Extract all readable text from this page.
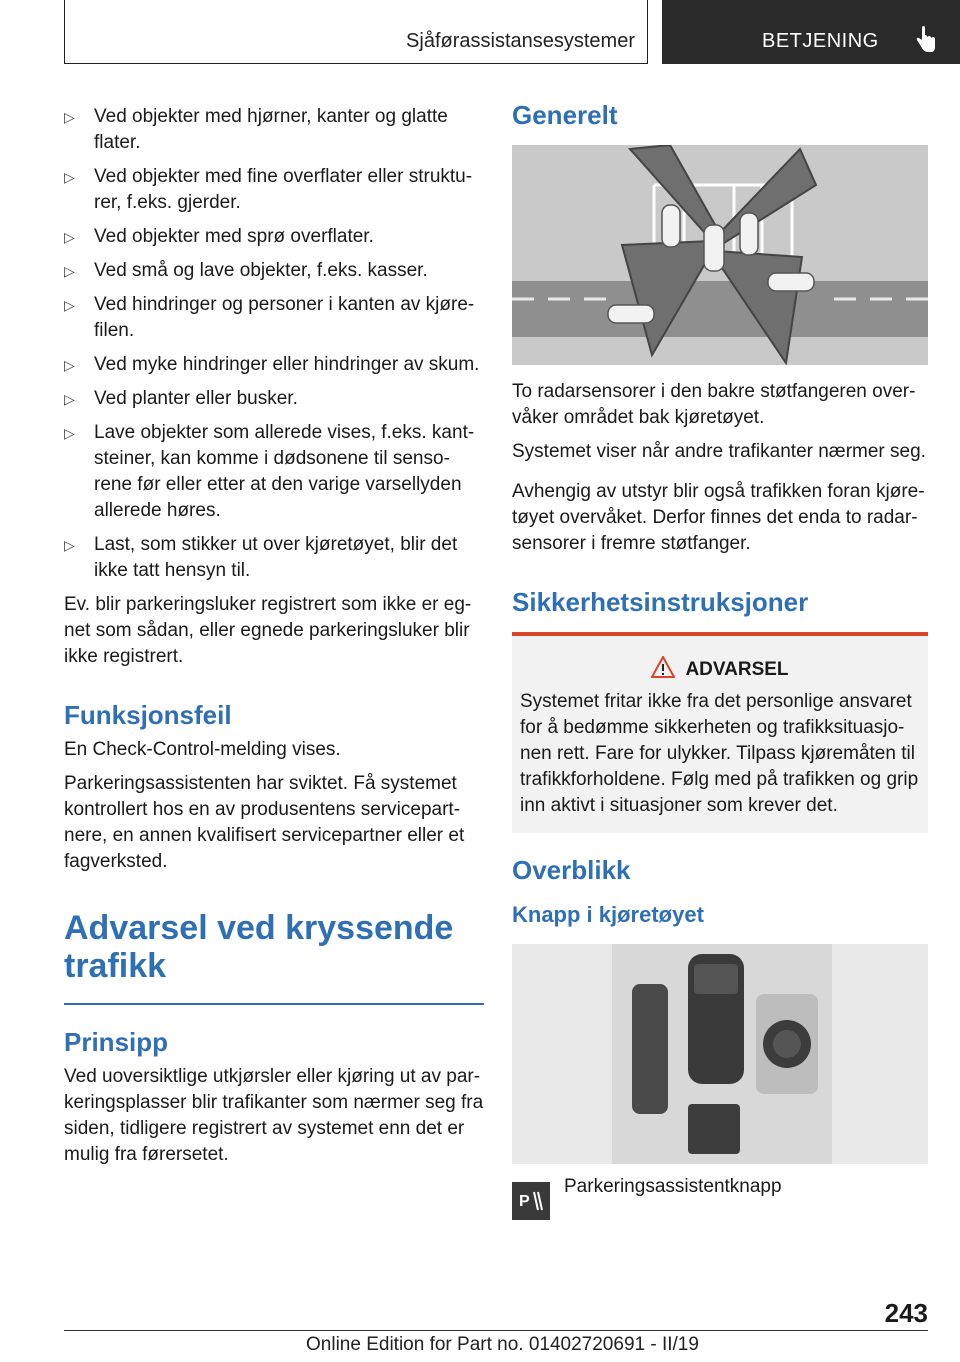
Sjåførassistansesystemer	BETJENING
▷ Ved objekter med hjørner, kanter og glatte flater.
▷ Ved objekter med fine overflater eller struktu-rer, f.eks. gjerder.
▷ Ved objekter med sprø overflater.
▷ Ved små og lave objekter, f.eks. kasser.
▷ Ved hindringer og personer i kanten av kjøre-filen.
▷ Ved myke hindringer eller hindringer av skum.
▷ Ved planter eller busker.
▷ Lave objekter som allerede vises, f.eks. kant-steiner, kan komme i dødsonene til senso-rene før eller etter at den varige varsellyden allerede høres.
▷ Last, som stikker ut over kjøretøyet, blir det ikke tatt hensyn til.

Ev. blir parkeringsluker registrert som ikke er eg-net som sådan, eller egnede parkeringsluker blir ikke registrert.

Funksjonsfeil

En Check-Control-melding vises.

Parkeringsassistenten har sviktet. Få systemet kontrollert hos en av produsentens servicepart-nere, en annen kvalifisert servicepartner eller et fagverksted.

Advarsel ved kryssende trafikk
Prinsipp

Ved uoversiktlige utkjørsler eller kjøring ut av par-keringsplasser blir trafikanter som nærmer seg fra siden, tidligere registrert av systemet enn det er mulig fra førersetet.

Generelt

To radarsensorer i den bakre støtfangeren over-våker området bak kjøretøyet.

Systemet viser når andre trafikanter nærmer seg.

Avhengig av utstyr blir også trafikken foran kjøre-tøyet overvåket. Derfor finnes det enda to radar-sensorer i fremre støtfanger.

Sikkerhetsinstruksjoner
ADVARSEL

Systemet fritar ikke fra det personlige ansvaret for å bedømme sikkerheten og trafikksituasjo-nen rett. Fare for ulykker. Tilpass kjøremåten til trafikkforholdene. Følg med på trafikken og grip inn aktivt i situasjoner som krever det.

Overblikk
Knapp i kjøretøyet
P
Parkeringsassistentknapp
243
Online Edition for Part no. 01402720691 - II/19
